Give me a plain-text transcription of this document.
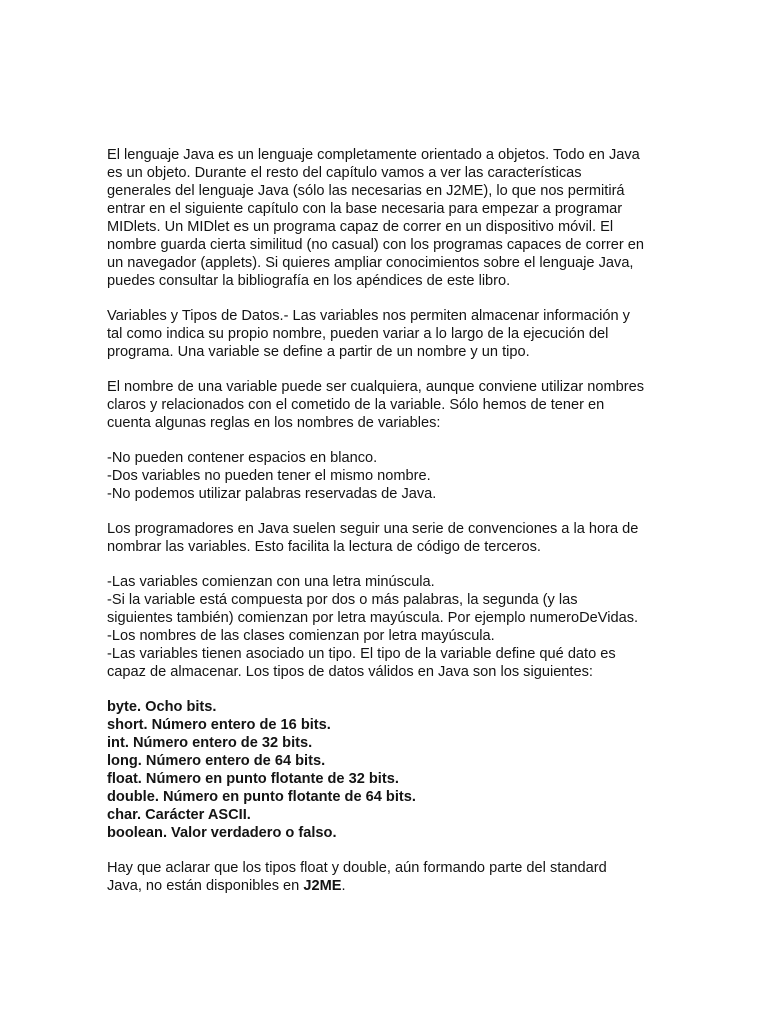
El lenguaje Java es un lenguaje completamente orientado a objetos. Todo en Java
es un objeto. Durante el resto del capítulo vamos a ver las características
generales del lenguaje Java (sólo las necesarias en J2ME), lo que nos permitirá
entrar en el siguiente capítulo con la base necesaria para empezar a programar
MIDlets. Un MIDlet es un programa capaz de correr en un dispositivo móvil. El
nombre guarda cierta similitud (no casual) con los programas capaces de correr en
un navegador (applets). Si quieres ampliar conocimientos sobre el lenguaje Java,
puedes consultar la bibliografía en los apéndices de este libro.

Variables y Tipos de Datos.- Las variables nos permiten almacenar información y
tal como indica su propio nombre, pueden variar a lo largo de la ejecución del
programa. Una variable se define a partir de un nombre y un tipo.

El nombre de una variable puede ser cualquiera, aunque conviene utilizar nombres
claros y relacionados con el cometido de la variable. Sólo hemos de tener en
cuenta algunas reglas en los nombres de variables:

-No pueden contener espacios en blanco.
-Dos variables no pueden tener el mismo nombre.
-No podemos utilizar palabras reservadas de Java.

Los programadores en Java suelen seguir una serie de convenciones a la hora de
nombrar las variables. Esto facilita la lectura de código de terceros.

-Las variables comienzan con una letra minúscula.
-Si la variable está compuesta por dos o más palabras, la segunda (y las
siguientes también) comienzan por letra mayúscula. Por ejemplo numeroDeVidas.
-Los nombres de las clases comienzan por letra mayúscula.
-Las variables tienen asociado un tipo. El tipo de la variable define qué dato es
capaz de almacenar. Los tipos de datos válidos en Java son los siguientes:

byte. Ocho bits.
short. Número entero de 16 bits.
int. Número entero de 32 bits.
long. Número entero de 64 bits.
float. Número en punto flotante de 32 bits.
double. Número en punto flotante de 64 bits.
char. Carácter ASCII.
boolean. Valor verdadero o falso.

Hay que aclarar que los tipos float y double, aún formando parte del standard
Java, no están disponibles en J2ME.
